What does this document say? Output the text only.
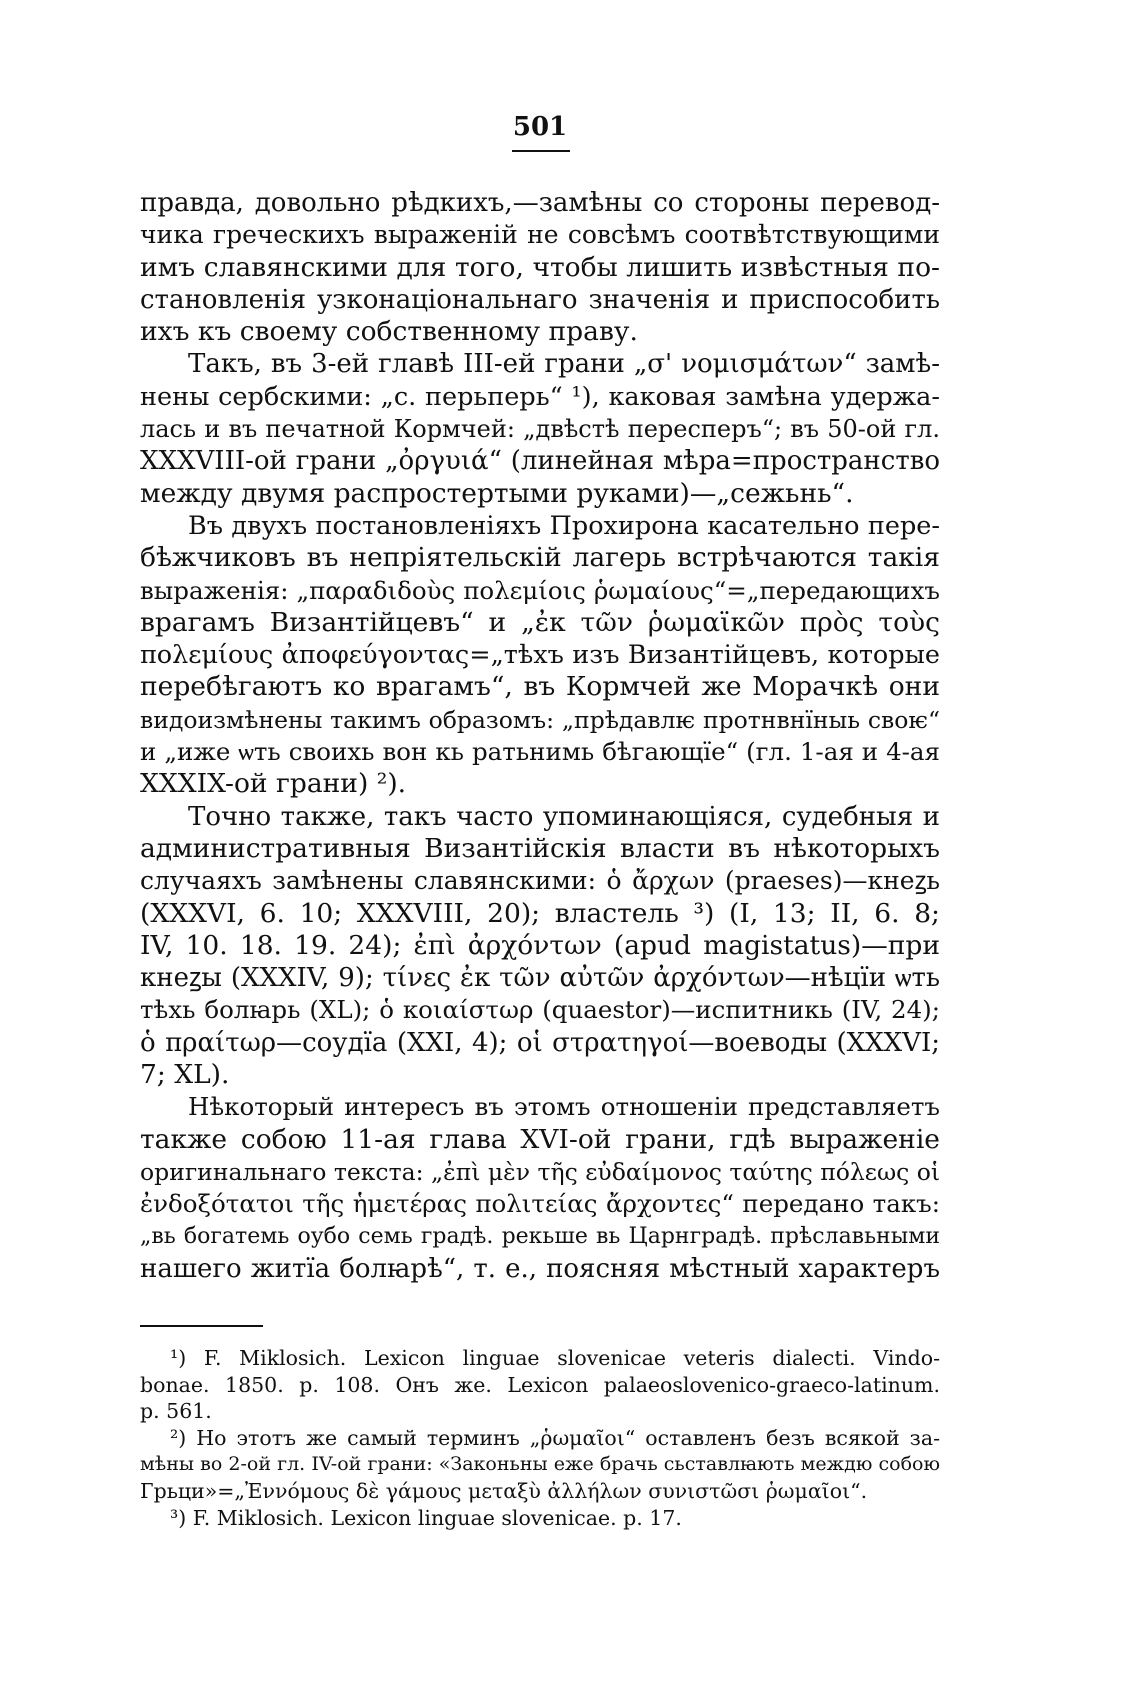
501
правда, довольно рѣдкихъ,—замѣны со стороны перевод-
чика греческихъ выраженій не совсѣмъ соотвѣтствующими
имъ славянскими для того, чтобы лишить извѣстныя по-
становленія узконаціональнаго значенія и приспособить
ихъ къ своему собственному праву.
Такъ, въ 3-ей главѣ III-ей грани „σ' νομισμάτων“ замѣ-
нены сербскими: „с. перьперь“ ¹), каковая замѣна удержа-
лась и въ печатной Кормчей: „двѣстѣ пересперъ“; въ 50-ой гл.
XXXVIII-ой грани „ὀργυιά“ (линейная мѣра=пространство
между двумя распростертыми руками)—„сежьнь“.
Въ двухъ постановленіяхъ Прохирона касательно пере-
бѣжчиковъ въ непріятельскій лагерь встрѣчаются такія
выраженія: „παραδιδοὺς πολεμίοις ῥωμαίους“=„передающихъ
врагамъ Византійцевъ“ и „ἐκ τῶν ῥωμαϊκῶν πρὸς τοὺς
πολεμίους ἀποφεύγοντας=„тѣхъ изъ Византійцевъ, которые
перебѣгаютъ ко врагамъ“, въ Кормчей же Морачкѣ они
видоизмѣнены такимъ образомъ: „прѣдавлѥ протнвнїныь своѥ“
и „иже ѡть своихь вон кь ратьнимь бѣгающїе“ (гл. 1-ая и 4-ая
XXXIX-ой грани) ²).
Точно также, такъ часто упоминающіяся, судебныя и
административныя Византійскія власти въ нѣкоторыхъ
случаяхъ замѣнены славянскими: ὁ ἄρχων (praeses)—кнеꙁь
(XXXVI, 6. 10; XXXVIII, 20); властель ³) (I, 13; II, 6. 8;
IV, 10. 18. 19. 24); ἐπὶ ἀρχόντων (apud magistatus)—при
кнеꙁы (XXXIV, 9); τίνες ἐκ τῶν αὐτῶν ἀρχόντων—нѣцїи ѡть
тѣхь болꙗрь (XL); ὁ κοιαίστωρ (quaestor)—испитникь (IV, 24);
ὁ πραίτωρ—соудїа (XXI, 4); οἱ στρατηγοί—воеводы (XXXVI;
7; XL).
Нѣкоторый интересъ въ этомъ отношеніи представляетъ
также собою 11-ая глава XVI-ой грани, гдѣ выраженіе
оригинальнаго текста: „ἐπὶ μὲν τῆς εὐδαίμονος ταύτης πόλεως οἱ
ἐνδοξότατοι τῆς ἡμετέρας πολιτείας ἄρχοντες“ передано такъ:
„вь богатемь оубо семь градѣ. рекьше вь Царнградѣ. прѣславьными
нашего житїа болꙗрѣ“, т. е., поясняя мѣстный характеръ
¹) F. Miklosich. Lexicon linguae slovenicae veteris dialecti. Vindo-
bonae. 1850. p. 108. Онъ же. Lexicon palaeoslovenico-graeco-latinum.
p. 561.
²) Но этотъ же самый терминъ „ῥωμαῖοι“ оставленъ безъ всякой за-
мѣны во 2-ой гл. IV-ой грани: «Законьны еже брачь сьставлꙗють междю собою
Грьци»=„Ἐννόμους δὲ γάμους μεταξὺ ἀλλήλων συνιστῶσι ῥωμαῖοι“.
³) F. Miklosich. Lexicon linguae slovenicae. p. 17.
